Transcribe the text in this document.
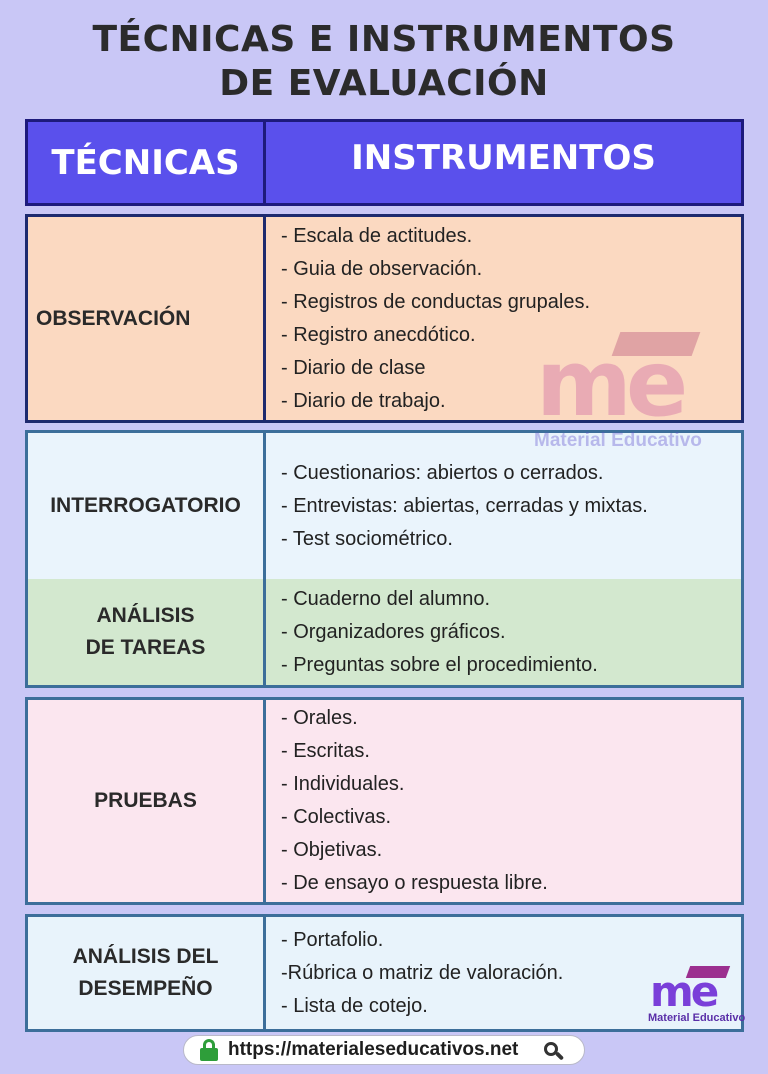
TÉCNICAS E INSTRUMENTOS
DE EVALUACIÓN
TÉCNICAS	INSTRUMENTOS
OBSERVACIÓN
- Escala de actitudes.
- Guia de observación.
- Registros de conductas grupales.
- Registro anecdótico.
- Diario de clase
- Diario de trabajo.
INTERROGATORIO
- Cuestionarios: abiertos o cerrados.
- Entrevistas: abiertas, cerradas y mixtas.
- Test sociométrico.
ANÁLISIS
DE TAREAS
- Cuaderno del alumno.
- Organizadores gráficos.
- Preguntas sobre el procedimiento.
PRUEBAS
- Orales.
- Escritas.
- Individuales.
- Colectivas.
- Objetivas.
- De ensayo o respuesta libre.
ANÁLISIS DEL
DESEMPEÑO
- Portafolio.
-Rúbrica o matriz de valoración.
- Lista de cotejo.
me
Material Educativo
me
Material Educativo
https://materialeseducativos.net
